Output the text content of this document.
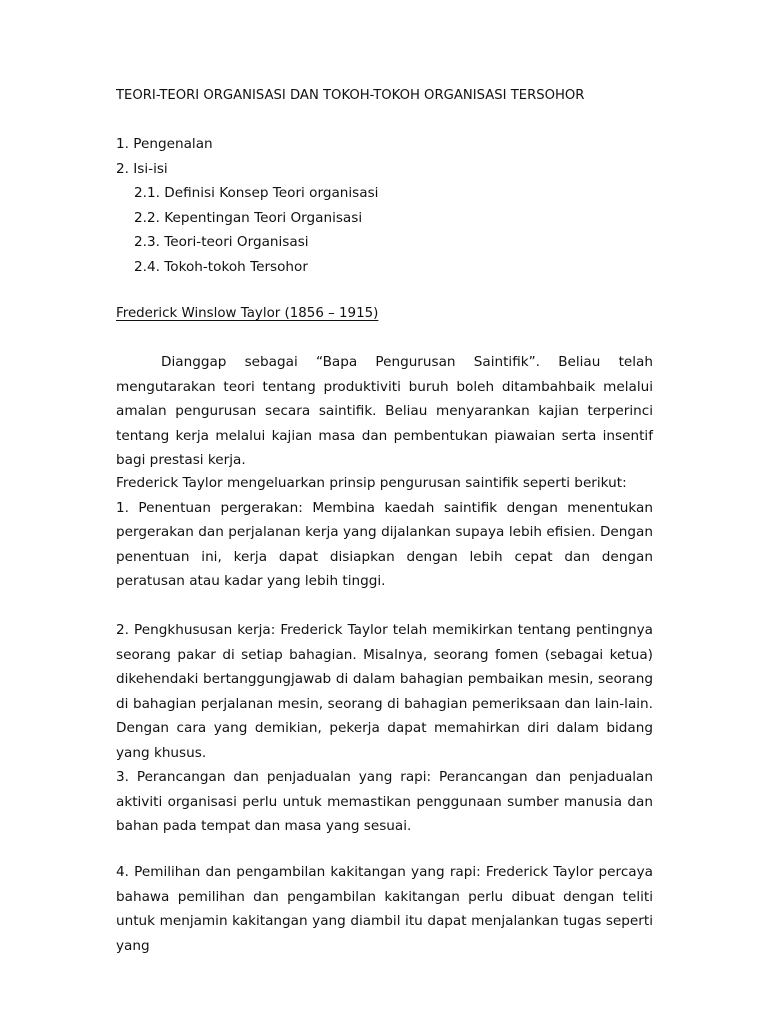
TEORI-TEORI ORGANISASI DAN TOKOH-TOKOH ORGANISASI TERSOHOR
1. Pengenalan
2. Isi-isi
2.1. Definisi Konsep Teori organisasi
2.2. Kepentingan Teori Organisasi
2.3. Teori-teori Organisasi
2.4. Tokoh-tokoh Tersohor
Frederick Winslow Taylor (1856 – 1915)
Dianggap sebagai “Bapa Pengurusan Saintifik”. Beliau telah mengutarakan teori tentang produktiviti buruh boleh ditambahbaik melalui amalan pengurusan secara saintifik. Beliau menyarankan kajian terperinci tentang kerja melalui kajian masa dan pembentukan piawaian serta insentif bagi prestasi kerja.
Frederick Taylor mengeluarkan prinsip pengurusan saintifik seperti berikut:
1. Penentuan pergerakan: Membina kaedah saintifik dengan menentukan pergerakan dan perjalanan kerja yang dijalankan supaya lebih efisien. Dengan penentuan ini, kerja dapat disiapkan dengan lebih cepat dan dengan peratusan atau kadar yang lebih tinggi.
2. Pengkhususan kerja: Frederick Taylor telah memikirkan tentang pentingnya seorang pakar di setiap bahagian. Misalnya, seorang fomen (sebagai ketua) dikehendaki bertanggungjawab di dalam bahagian pembaikan mesin, seorang di bahagian perjalanan mesin, seorang di bahagian pemeriksaan dan lain-lain. Dengan cara yang demikian, pekerja dapat memahirkan diri dalam bidang yang khusus.
3. Perancangan dan penjadualan yang rapi: Perancangan dan penjadualan aktiviti organisasi perlu untuk memastikan penggunaan sumber manusia dan bahan pada tempat dan masa yang sesuai.
4. Pemilihan dan pengambilan kakitangan yang rapi: Frederick Taylor percaya bahawa pemilihan dan pengambilan kakitangan perlu dibuat dengan teliti untuk menjamin kakitangan yang diambil itu dapat menjalankan tugas seperti yang
